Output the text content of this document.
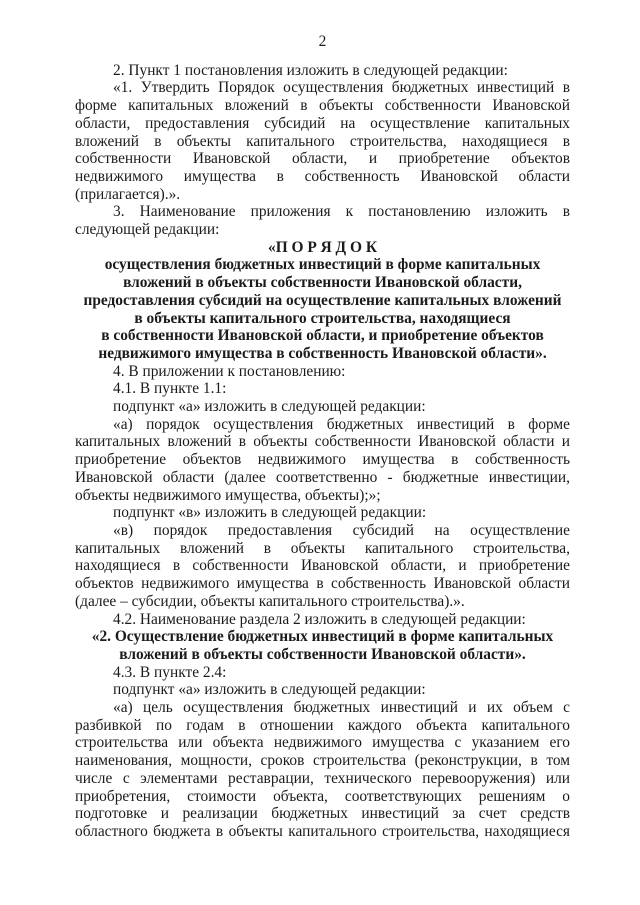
2
2. Пункт 1 постановления изложить в следующей редакции:
«1. Утвердить Порядок осуществления бюджетных инвестиций в
форме капитальных вложений в объекты собственности Ивановской
области, предоставления субсидий на осуществление капитальных
вложений в объекты капитального строительства, находящиеся в
собственности Ивановской области, и приобретение объектов
недвижимого имущества в собственность Ивановской области
(прилагается).».
3. Наименование приложения к постановлению изложить в
следующей редакции:
«П О Р Я Д О К
осуществления бюджетных инвестиций в форме капитальных
вложений в объекты собственности Ивановской области,
предоставления субсидий на осуществление капитальных вложений
в объекты капитального строительства, находящиеся
в собственности Ивановской области, и приобретение объектов
недвижимого имущества в собственность Ивановской области».
4. В приложении к постановлению:
4.1. В пункте 1.1:
подпункт «а» изложить в следующей редакции:
«а) порядок осуществления бюджетных инвестиций в форме
капитальных вложений в объекты собственности Ивановской области и
приобретение объектов недвижимого имущества в собственность
Ивановской области (далее соответственно - бюджетные инвестиции,
объекты недвижимого имущества, объекты);»;
подпункт «в» изложить в следующей редакции:
«в) порядок предоставления субсидий на осуществление
капитальных вложений в объекты капитального строительства,
находящиеся в собственности Ивановской области, и приобретение
объектов недвижимого имущества в собственность Ивановской области
(далее – субсидии, объекты капитального строительства).».
4.2. Наименование раздела 2 изложить в следующей редакции:
«2. Осуществление бюджетных инвестиций в форме капитальных
вложений в объекты собственности Ивановской области».
4.3. В пункте 2.4:
подпункт «а» изложить в следующей редакции:
«а) цель осуществления бюджетных инвестиций и их объем с
разбивкой по годам в отношении каждого объекта капитального
строительства или объекта недвижимого имущества с указанием его
наименования, мощности, сроков строительства (реконструкции, в том
числе с элементами реставрации, технического перевооружения) или
приобретения, стоимости объекта, соответствующих решениям о
подготовке и реализации бюджетных инвестиций за счет средств
областного бюджета в объекты капитального строительства, находящиеся
